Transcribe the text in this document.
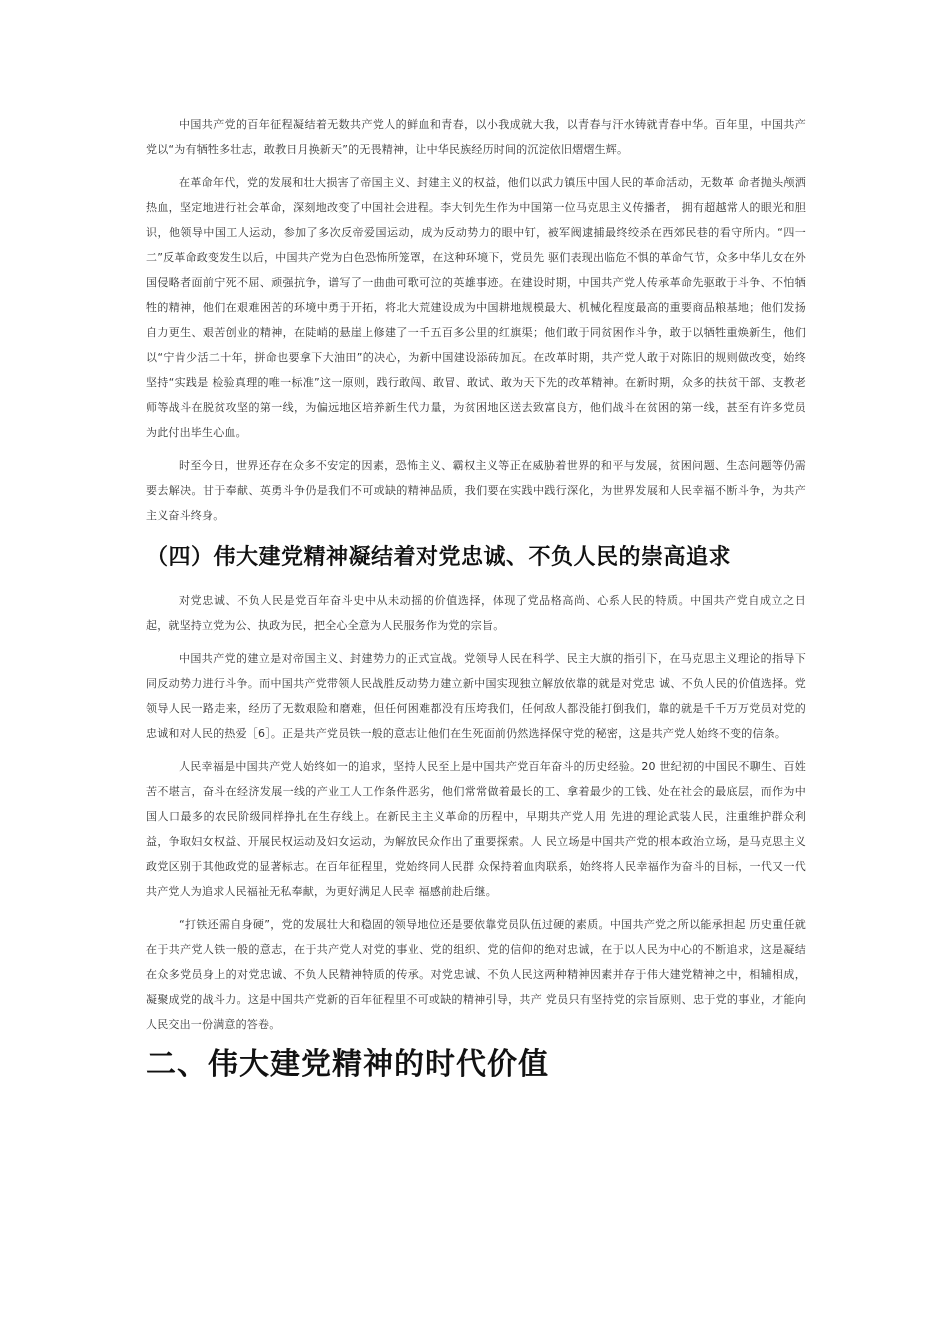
中国共产党的百年征程凝结着无数共产党人的鲜血和青春，以小我成就大我，以青春与汗水铸就青春中华。百年里，中国共产党以“为有牺牲多壮志，敢教日月换新天”的无畏精神，让中华民族经历时间的沉淀依旧熠熠生辉。

在革命年代，党的发展和壮大损害了帝国主义、封建主义的权益，他们以武力镇压中国人民的革命活动，无数革 命者抛头颅洒热血，坚定地进行社会革命，深刻地改变了中国社会进程。李大钊先生作为中国第一位马克思主义传播者， 拥有超越常人的眼光和胆识，他领导中国工人运动，参加了多次反帝爱国运动，成为反动势力的眼中钉，被军阀逮捕最终绞杀在西郊民巷的看守所内。“四一二”反革命政变发生以后，中国共产党为白色恐怖所笼罩，在这种环境下，党员先 驱们表现出临危不惧的革命气节，众多中华儿女在外国侵略者面前宁死不屈、顽强抗争，谱写了一曲曲可歌可泣的英雄事迹。在建设时期，中国共产党人传承革命先驱敢于斗争、不怕牺牲的精神，他们在艰难困苦的环境中勇于开拓，将北大荒建设成为中国耕地规模最大、机械化程度最高的重要商品粮基地；他们发扬自力更生、艰苦创业的精神，在陡峭的悬崖上修建了一千五百多公里的红旗渠；他们敢于同贫困作斗争，敢于以牺牲重焕新生，他们以“宁肯少活二十年，拼命也要拿下大油田”的决心，为新中国建设添砖加瓦。在改革时期，共产党人敢于对陈旧的规则做改变，始终坚持“实践是 检验真理的唯一标准”这一原则，践行敢闯、敢冒、敢试、敢为天下先的改革精神。在新时期，众多的扶贫干部、支教老师等战斗在脱贫攻坚的第一线，为偏远地区培养新生代力量，为贫困地区送去致富良方，他们战斗在贫困的第一线，甚至有许多党员为此付出毕生心血。

时至今日，世界还存在众多不安定的因素，恐怖主义、霸权主义等正在威胁着世界的和平与发展，贫困问题、生态问题等仍需要去解决。甘于奉献、英勇斗争仍是我们不可或缺的精神品质，我们要在实践中践行深化，为世界发展和人民幸福不断斗争，为共产主义奋斗终身。

（四）伟大建党精神凝结着对党忠诚、不负人民的崇高追求

对党忠诚、不负人民是党百年奋斗史中从未动摇的价值选择，体现了党品格高尚、心系人民的特质。中国共产党自成立之日起，就坚持立党为公、执政为民，把全心全意为人民服务作为党的宗旨。

中国共产党的建立是对帝国主义、封建势力的正式宣战。党领导人民在科学、民主大旗的指引下，在马克思主义理论的指导下同反动势力进行斗争。而中国共产党带领人民战胜反动势力建立新中国实现独立解放依靠的就是对党忠 诚、不负人民的价值选择。党领导人民一路走来，经历了无数艰险和磨难，但任何困难都没有压垮我们，任何敌人都没能打倒我们，靠的就是千千万万党员对党的忠诚和对人民的热爱［6］。正是共产党员铁一般的意志让他们在生死面前仍然选择保守党的秘密，这是共产党人始终不变的信条。

人民幸福是中国共产党人始终如一的追求，坚持人民至上是中国共产党百年奋斗的历史经验。20 世纪初的中国民不聊生、百姓苦不堪言，奋斗在经济发展一线的产业工人工作条件恶劣，他们常常做着最长的工、拿着最少的工钱、处在社会的最底层，而作为中国人口最多的农民阶级同样挣扎在生存线上。在新民主主义革命的历程中，早期共产党人用 先进的理论武装人民，注重维护群众利益，争取妇女权益、开展民权运动及妇女运动，为解放民众作出了重要探索。人 民立场是中国共产党的根本政治立场，是马克思主义政党区别于其他政党的显著标志。在百年征程里，党始终同人民群 众保持着血肉联系，始终将人民幸福作为奋斗的目标，一代又一代共产党人为追求人民福祉无私奉献，为更好满足人民幸 福感前赴后继。

“打铁还需自身硬”，党的发展壮大和稳固的领导地位还是要依靠党员队伍过硬的素质。中国共产党之所以能承担起 历史重任就在于共产党人铁一般的意志，在于共产党人对党的事业、党的组织、党的信仰的绝对忠诚，在于以人民为中心的不断追求，这是凝结在众多党员身上的对党忠诚、不负人民精神特质的传承。对党忠诚、不负人民这两种精神因素并存于伟大建党精神之中，相辅相成，凝聚成党的战斗力。这是中国共产党新的百年征程里不可或缺的精神引导，共产 党员只有坚持党的宗旨原则、忠于党的事业，才能向人民交出一份满意的答卷。

二、伟大建党精神的时代价值
